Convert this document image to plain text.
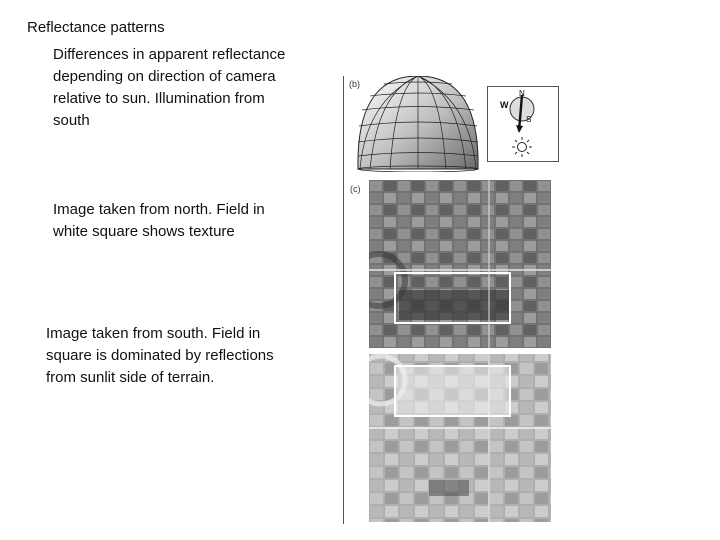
Reflectance patterns
Differences in apparent reflectance depending on direction of camera relative to sun. Illumination from south
Image taken from north. Field in white square shows texture
Image taken from south. Field in square is dominated by reflections from sunlit side of terrain.
(b)
W
N
S
(c)
